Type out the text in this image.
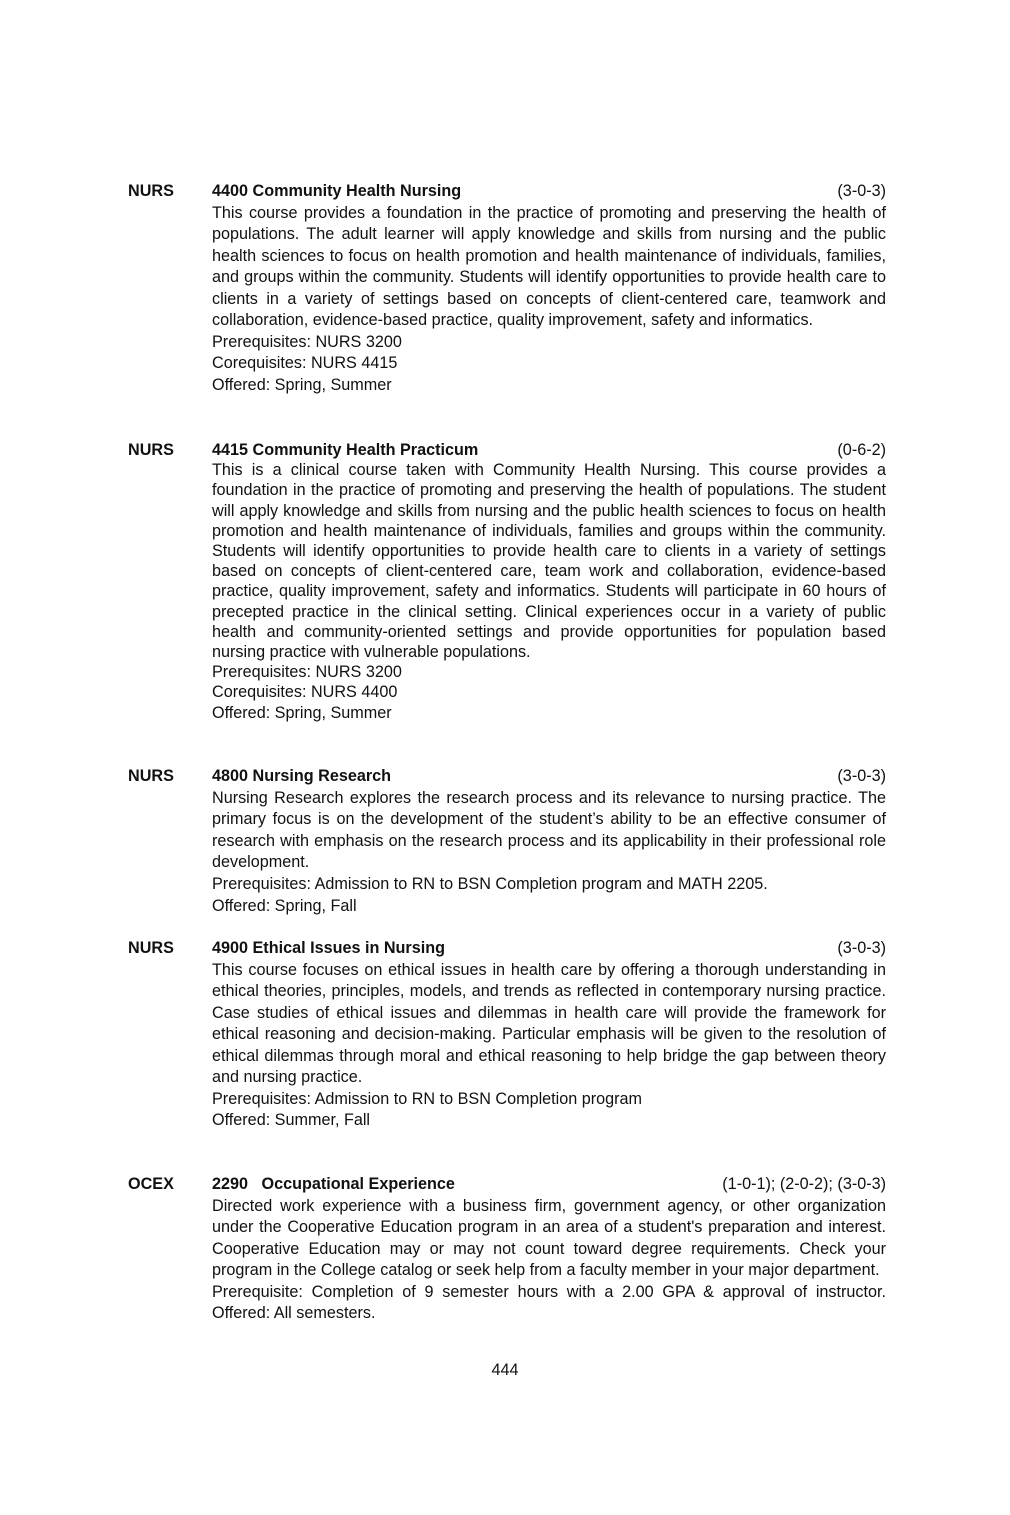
NURS 4400 Community Health Nursing	(3-0-3)

This course provides a foundation in the practice of promoting and preserving the health of populations. The adult learner will apply knowledge and skills from nursing and the public health sciences to focus on health promotion and health maintenance of individuals, families, and groups within the community. Students will identify opportunities to provide health care to clients in a variety of settings based on concepts of client-centered care, teamwork and collaboration, evidence-based practice, quality improvement, safety and informatics.

Prerequisites: NURS 3200

Corequisites: NURS 4415

Offered: Spring, Summer

NURS 4415 Community Health Practicum	(0-6-2)

This is a clinical course taken with Community Health Nursing. This course provides a foundation in the practice of promoting and preserving the health of populations. The student will apply knowledge and skills from nursing and the public health sciences to focus on health promotion and health maintenance of individuals, families and groups within the community. Students will identify opportunities to provide health care to clients in a variety of settings based on concepts of client-centered care, team work and collaboration, evidence-based practice, quality improvement, safety and informatics. Students will participate in 60 hours of precepted practice in the clinical setting. Clinical experiences occur in a variety of public health and community-oriented settings and provide opportunities for population based nursing practice with vulnerable populations.

Prerequisites: NURS 3200

Corequisites: NURS 4400

Offered: Spring, Summer

NURS 4800 Nursing Research	(3-0-3)

Nursing Research explores the research process and its relevance to nursing practice. The primary focus is on the development of the student’s ability to be an effective consumer of research with emphasis on the research process and its applicability in their professional role development.

Prerequisites: Admission to RN to BSN Completion program and MATH 2205.

Offered: Spring, Fall

NURS 4900 Ethical Issues in Nursing	(3-0-3)

This course focuses on ethical issues in health care by offering a thorough understanding in ethical theories, principles, models, and trends as reflected in contemporary nursing practice. Case studies of ethical issues and dilemmas in health care will provide the framework for ethical reasoning and decision-making. Particular emphasis will be given to the resolution of ethical dilemmas through moral and ethical reasoning to help bridge the gap between theory and nursing practice.

Prerequisites: Admission to RN to BSN Completion program

Offered: Summer, Fall

OCEX 2290   Occupational Experience	(1-0-1); (2-0-2); (3-0-3)

Directed work experience with a business firm, government agency, or other organization under the Cooperative Education program in an area of a student's preparation and interest. Cooperative Education may or may not count toward degree requirements. Check your program in the College catalog or seek help from a faculty member in your major department.

Prerequisite: Completion of 9 semester hours with a 2.00 GPA & approval of instructor. Offered: All semesters.

444
